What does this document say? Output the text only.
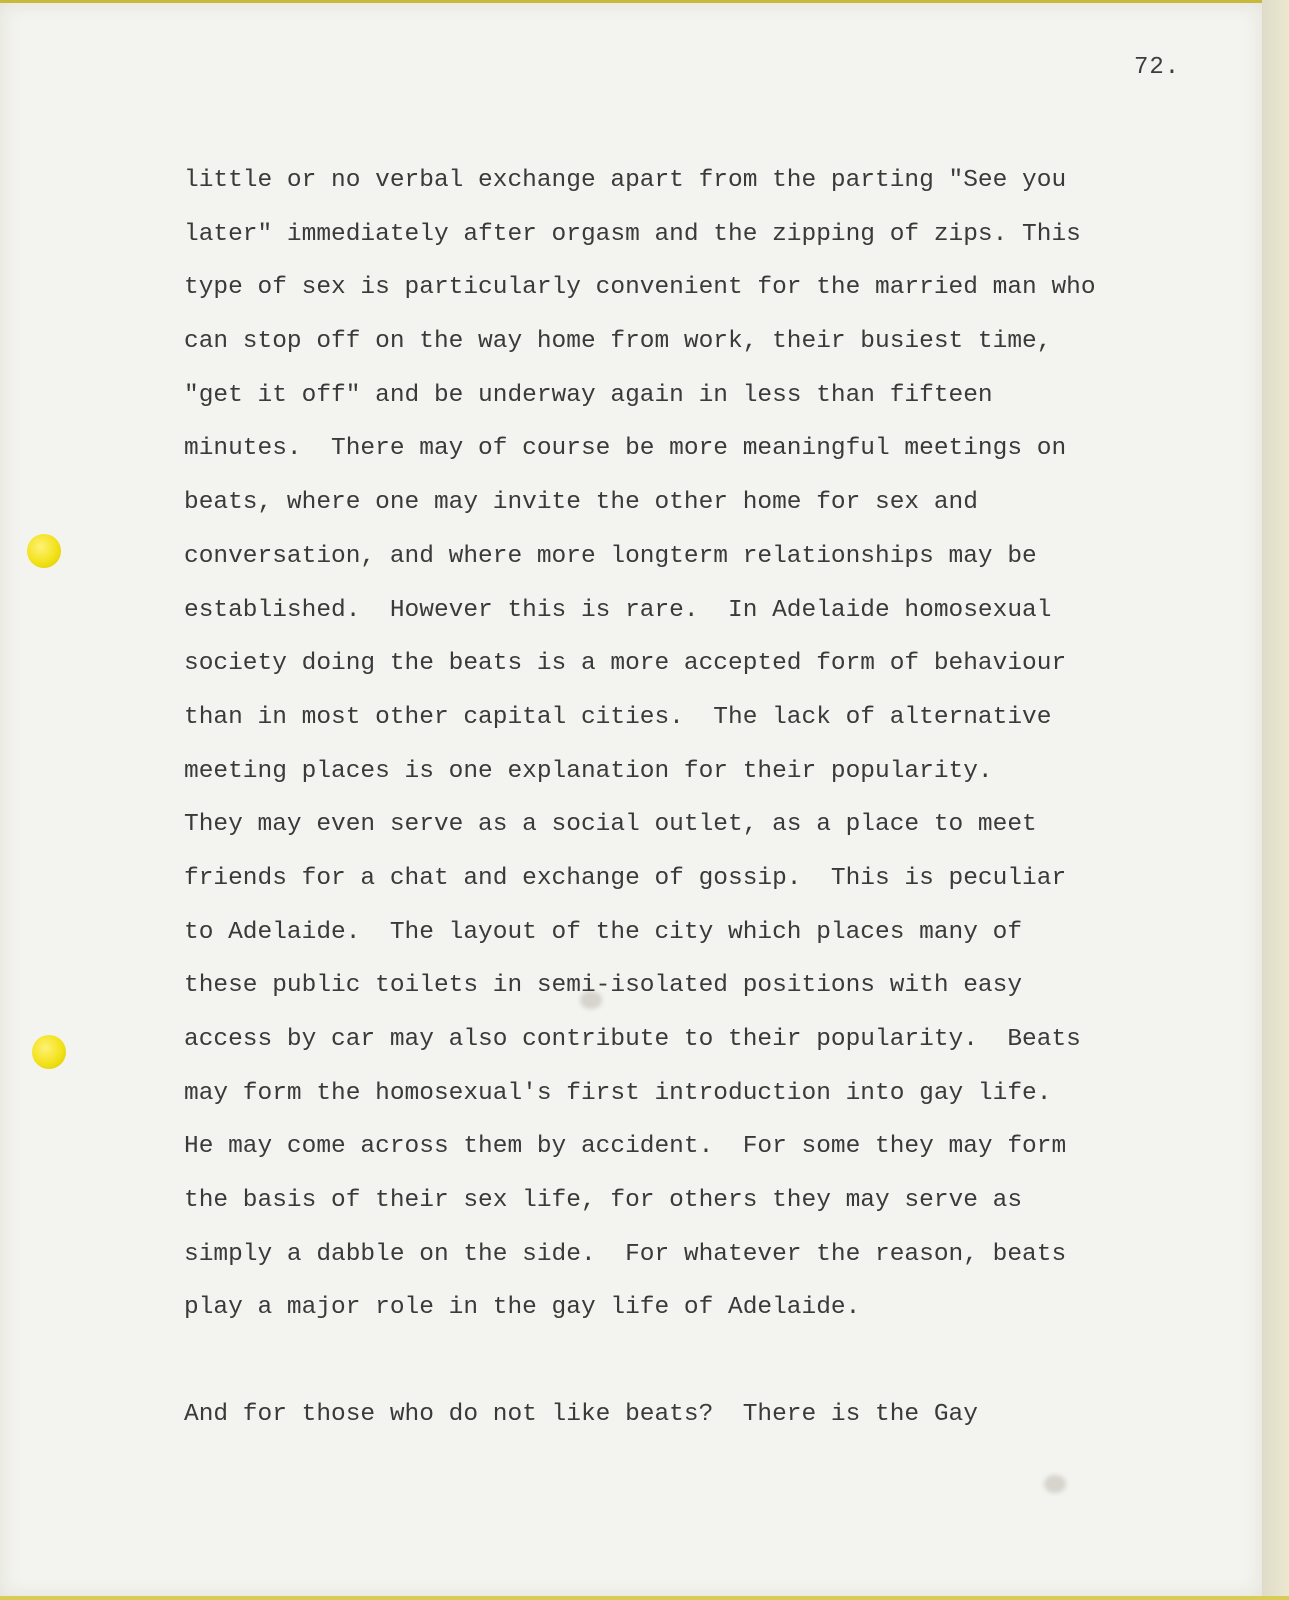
72.
little or no verbal exchange apart from the parting "See you
later" immediately after orgasm and the zipping of zips. This
type of sex is particularly convenient for the married man who
can stop off on the way home from work, their busiest time,
"get it off" and be underway again in less than fifteen
minutes.  There may of course be more meaningful meetings on
beats, where one may invite the other home for sex and
conversation, and where more longterm relationships may be
established.  However this is rare.  In Adelaide homosexual
society doing the beats is a more accepted form of behaviour
than in most other capital cities.  The lack of alternative
meeting places is one explanation for their popularity.
They may even serve as a social outlet, as a place to meet
friends for a chat and exchange of gossip.  This is peculiar
to Adelaide.  The layout of the city which places many of
these public toilets in semi-isolated positions with easy
access by car may also contribute to their popularity.  Beats
may form the homosexual's first introduction into gay life.
He may come across them by accident.  For some they may form
the basis of their sex life, for others they may serve as
simply a dabble on the side.  For whatever the reason, beats
play a major role in the gay life of Adelaide.
And for those who do not like beats?  There is the Gay
